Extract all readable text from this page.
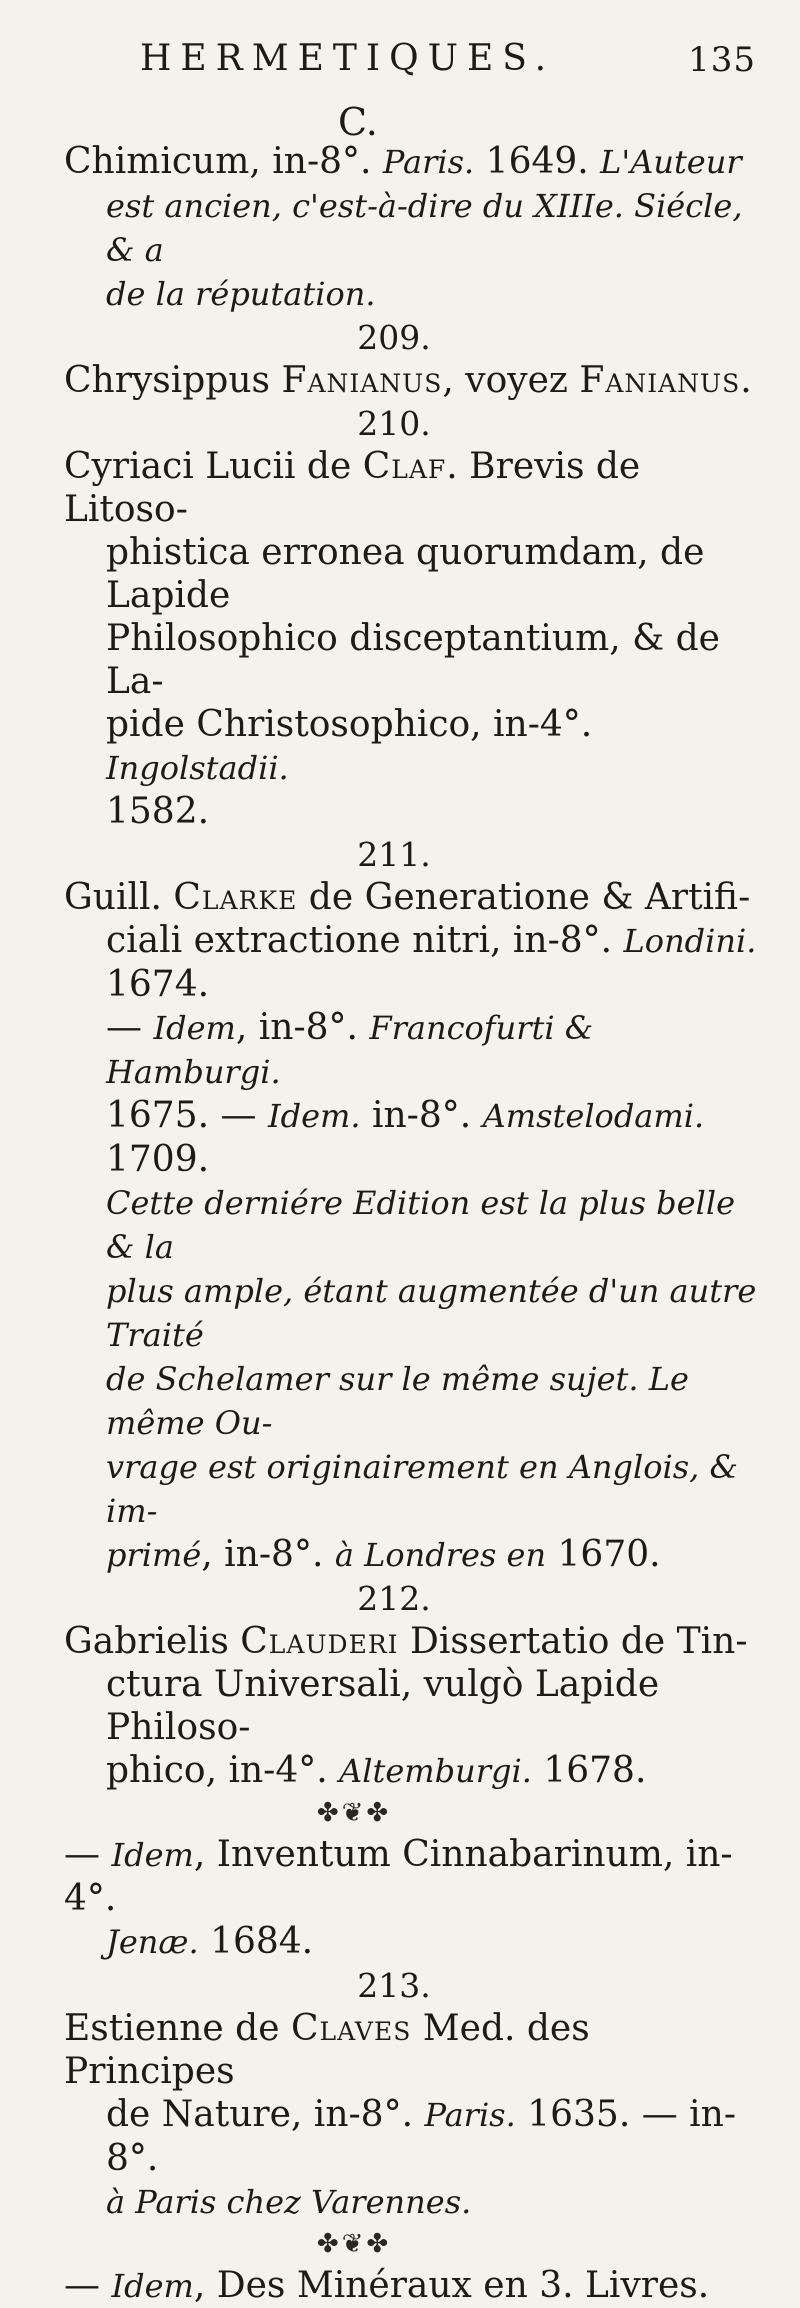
HERMETIQUES.	135
C.

Chimicum, in-8°. Paris. 1649. L'Auteur

est ancien, c'est-à-dire du XIIIe. Siécle, & a

de la réputation.

209.

Chrysippus Fanianus, voyez Fanianus.

210.

Cyriaci Lucii de Claf. Brevis de Litoso-

phistica erronea quorumdam, de Lapide

Philosophico disceptantium, & de La-

pide Christosophico, in-4°. Ingolstadii.

1582.

211.

Guill. Clarke de Generatione & Artifi-

ciali extractione nitri, in-8°. Londini.

1674.

— Idem, in-8°. Francofurti & Hamburgi.

1675. — Idem. in-8°. Amstelodami. 1709.

Cette derniére Edition est la plus belle & la

plus ample, étant augmentée d'un autre Traité

de Schelamer sur le même sujet. Le même Ou-

vrage est originairement en Anglois, & im-

primé, in-8°. à Londres en 1670.

212.

Gabrielis Clauderi Dissertatio de Tin-

ctura Universali, vulgò Lapide Philoso-

phico, in-4°. Altemburgi. 1678.

✤❦✤

— Idem, Inventum Cinnabarinum, in-4°.

Jenæ. 1684.

213.

Estienne de Claves Med. des Principes

de Nature, in-8°. Paris. 1635. — in-8°.

à Paris chez Varennes.

✤❦✤

— Idem, Des Minéraux en 3. Livres.
